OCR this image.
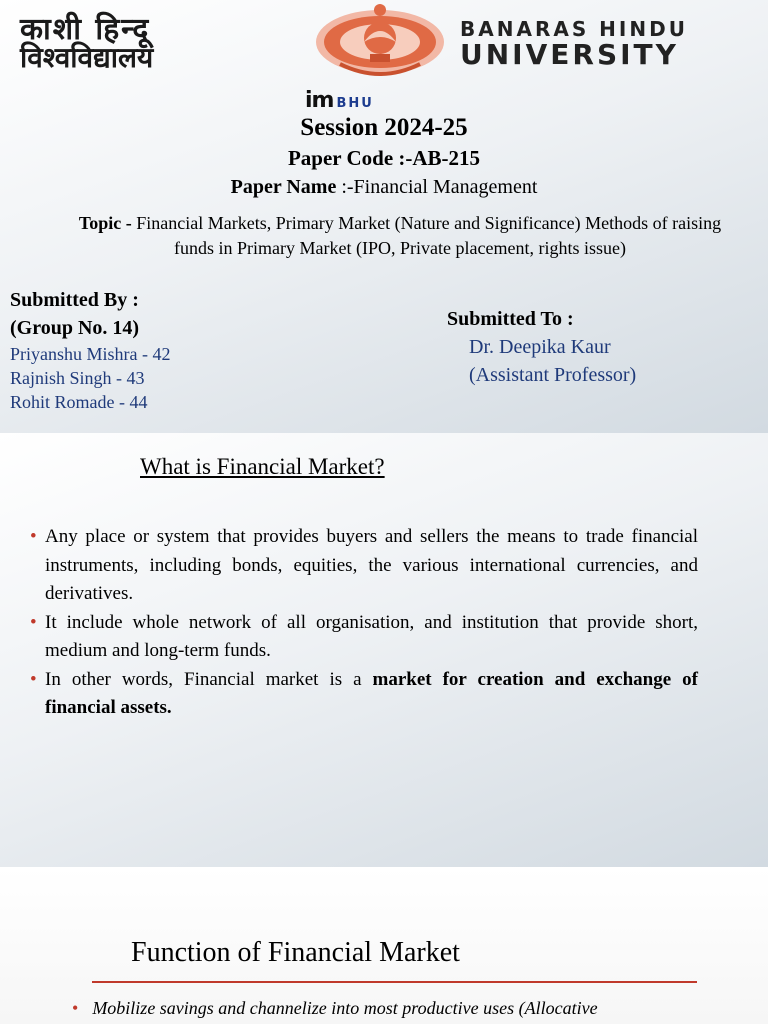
काशी हिन्दू
विश्वविद्यालय
BANARAS HINDU
UNIVERSITY
im BHU
Session 2024-25
Paper Code :-AB-215
Paper Name :-Financial Management
Topic - Financial Markets, Primary Market (Nature and Significance) Methods of raising funds in Primary Market (IPO, Private placement, rights issue)
Submitted By :
(Group No. 14)
Priyanshu Mishra - 42
Rajnish Singh - 43
Rohit Romade - 44
Submitted To :
Dr. Deepika Kaur
(Assistant Professor)
What is Financial Market?
• Any place or system that provides buyers and sellers the means to trade financial instruments, including bonds, equities, the various international currencies, and derivatives.
• It include whole network of all organisation, and institution that provide short, medium and long-term funds.
• In other words, Financial market is a market for creation and exchange of financial assets.
Function of Financial Market
• Mobilize savings and channelize into most productive uses (Allocative
